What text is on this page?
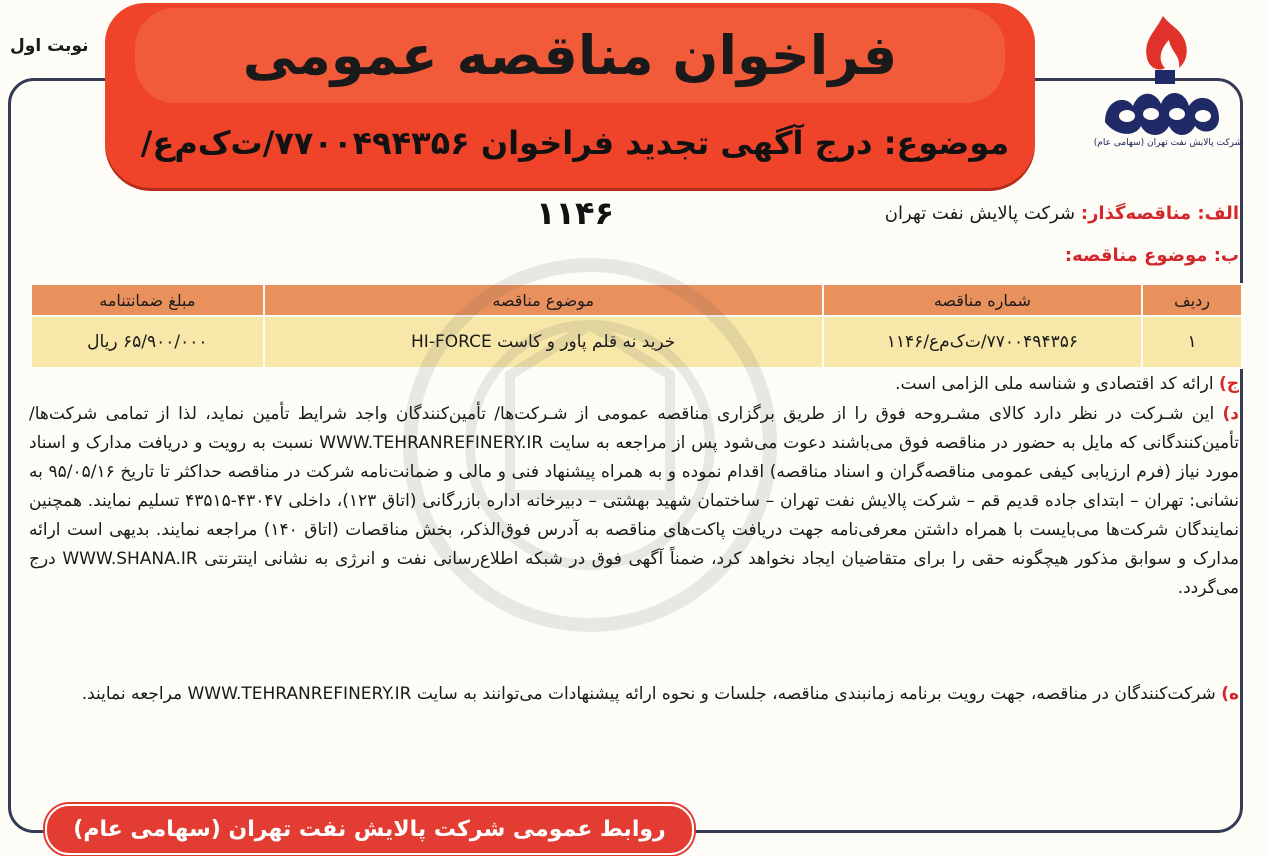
نوبت اول	فراخوان مناقصه عمومی
موضوع: درج آگهی تجدید فراخوان ۷۷۰۰۴۹۴۳۵۶/ت‌ک‌م‌ع/۱۱۴۶
شرکت پالایش نفت تهران (سهامی عام)
الف: مناقصه‌گذار: شرکت پالایش نفت تهران
ب: موضوع مناقصه:
ردیف	شماره مناقصه	موضوع مناقصه	مبلغ ضمانتنامه
۱	۷۷۰۰۴۹۴۳۵۶/ت‌ک‌م‌ع/۱۱۴۶	خرید نه قلم پاور و کاست HI-FORCE	۶۵/۹۰۰/۰۰۰ ریال
ج) ارائه کد اقتصادی و شناسه ملی الزامی است.
د) این شـرکت در نظر دارد کالای مشـروحه فوق را از طریق برگزاری مناقصه عمومی از شـرکت‌ها/ تأمین‌کنندگان واجد شرایط تأمین نماید، لذا از تمامی شرکت‌ها/ تأمین‌کنندگانی که مایل به حضور در مناقصه فوق می‌باشند دعوت می‌شود پس از مراجعه به سایت WWW.TEHRANREFINERY.IR نسبت به رویت و دریافت مدارک و اسناد مورد نیاز (فرم ارزیابی کیفی عمومی مناقصه‌گران و اسناد مناقصه) اقدام نموده و به همراه پیشنهاد فنی و مالی و ضمانت‌نامه شرکت در مناقصه حداکثر تا تاریخ ۹۵/۰۵/۱۶ به نشانی: تهران – ابتدای جاده قدیم قم – شرکت پالایش نفت تهران – ساختمان شهید بهشتی – دبیرخانه اداره بازرگانی (اتاق ۱۲۳)، داخلی ۴۳۰۴۷-۴۳۵۱۵ تسلیم نمایند. همچنین نمایندگان شرکت‌ها می‌بایست با همراه داشتن معرفی‌نامه جهت دریافت پاکت‌های مناقصه به آدرس فوق‌الذکر، بخش مناقصات (اتاق ۱۴۰) مراجعه نمایند. بدیهی است ارائه مدارک و سوابق مذکور هیچگونه حقی را برای متقاضیان ایجاد نخواهد کرد، ضمناً آگهی فوق در شبکه اطلاع‌رسانی نفت و انرژی به نشانی اینترنتی WWW.SHANA.IR درج می‌گردد.
ه) شرکت‌کنندگان در مناقصه، جهت رویت برنامه زمانبندی مناقصه، جلسات و نحوه ارائه پیشنهادات می‌توانند به سایت WWW.TEHRANREFINERY.IR مراجعه نمایند.
روابط عمومی شرکت پالایش نفت تهران (سهامی عام)
